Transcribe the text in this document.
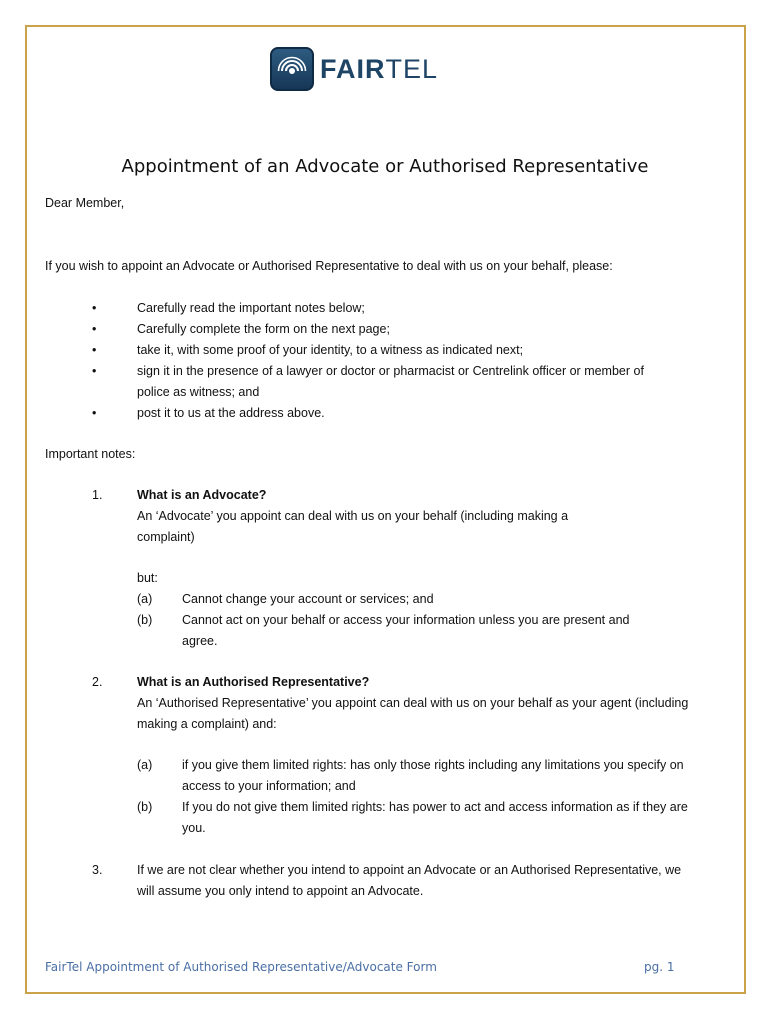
FAIRTEL
Appointment of an Advocate or Authorised Representative
Dear Member,
If you wish to appoint an Advocate or Authorised Representative to deal with us on your behalf, please:
•	Carefully read the important notes below;
•	Carefully complete the form on the next page;
•	take it, with some proof of your identity, to a witness as indicated next;
•	sign it in the presence of a lawyer or doctor or pharmacist or Centrelink officer or member of
police as witness; and
•	post it to us at the address above.
Important notes:
1.	What is an Advocate?
An ‘Advocate’ you appoint can deal with us on your behalf (including making a
complaint)
but:
(a) Cannot change your account or services; and
(b) Cannot act on your behalf or access your information unless you are present and
agree.
2.	What is an Authorised Representative?
An ‘Authorised Representative’ you appoint can deal with us on your behalf as your agent (including
making a complaint) and:
(a) if you give them limited rights: has only those rights including any limitations you specify on
access to your information; and
(b) If you do not give them limited rights: has power to act and access information as if they are
you.
3.	If we are not clear whether you intend to appoint an Advocate or an Authorised Representative, we
will assume you only intend to appoint an Advocate.
FairTel Appointment of Authorised Representative/Advocate Form	pg. 1
